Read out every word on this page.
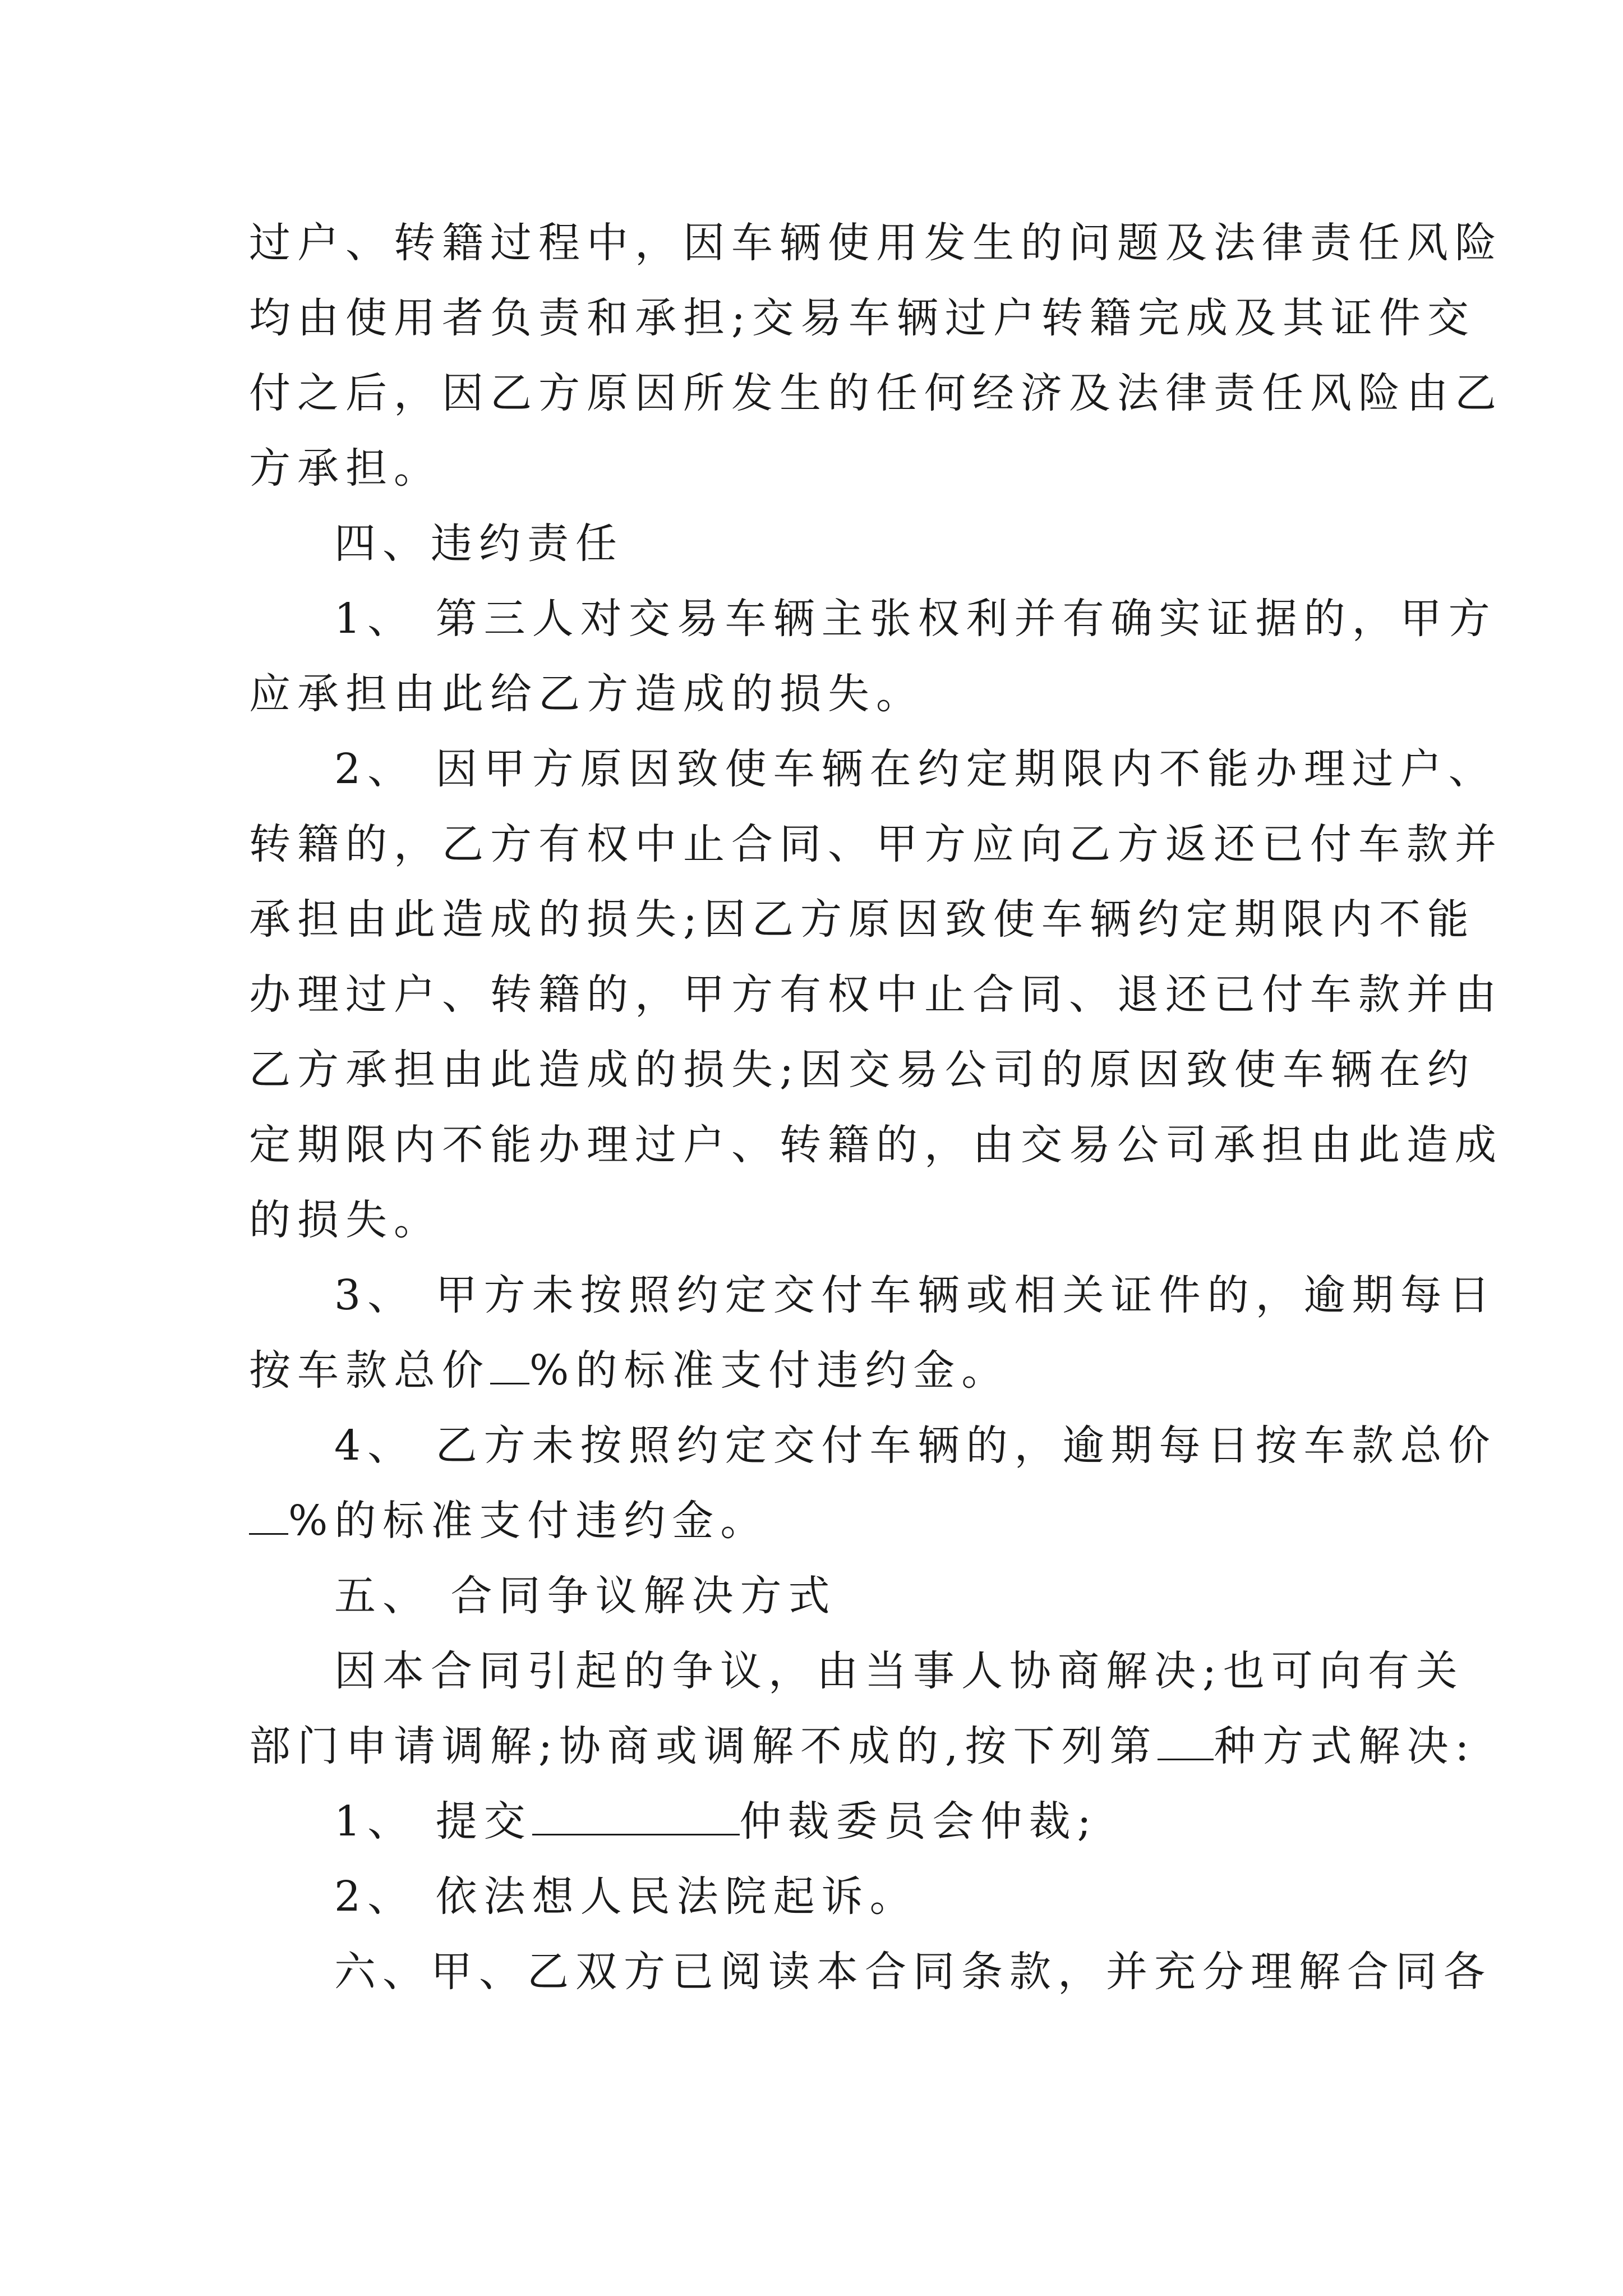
过户、转籍过程中，因车辆使用发生的问题及法律责任风险
均由使用者负责和承担;交易车辆过户转籍完成及其证件交
付之后，因乙方原因所发生的任何经济及法律责任风险由乙
方承担。
四、违约责任
1、 第三人对交易车辆主张权利并有确实证据的，甲方
应承担由此给乙方造成的损失。
2、 因甲方原因致使车辆在约定期限内不能办理过户、
转籍的，乙方有权中止合同、甲方应向乙方返还已付车款并
承担由此造成的损失;因乙方原因致使车辆约定期限内不能
办理过户、转籍的，甲方有权中止合同、退还已付车款并由
乙方承担由此造成的损失;因交易公司的原因致使车辆在约
定期限内不能办理过户、转籍的，由交易公司承担由此造成
的损失。
3、 甲方未按照约定交付车辆或相关证件的，逾期每日
按车款总价 %的标准支付违约金。
4、 乙方未按照约定交付车辆的，逾期每日按车款总价
%的标准支付违约金。
五、 合同争议解决方式
因本合同引起的争议，由当事人协商解决;也可向有关
部门申请调解;协商或调解不成的,按下列第 种方式解决:
1、 提交	仲裁委员会仲裁;
2、 依法想人民法院起诉。
六、甲、乙双方已阅读本合同条款，并充分理解合同各
